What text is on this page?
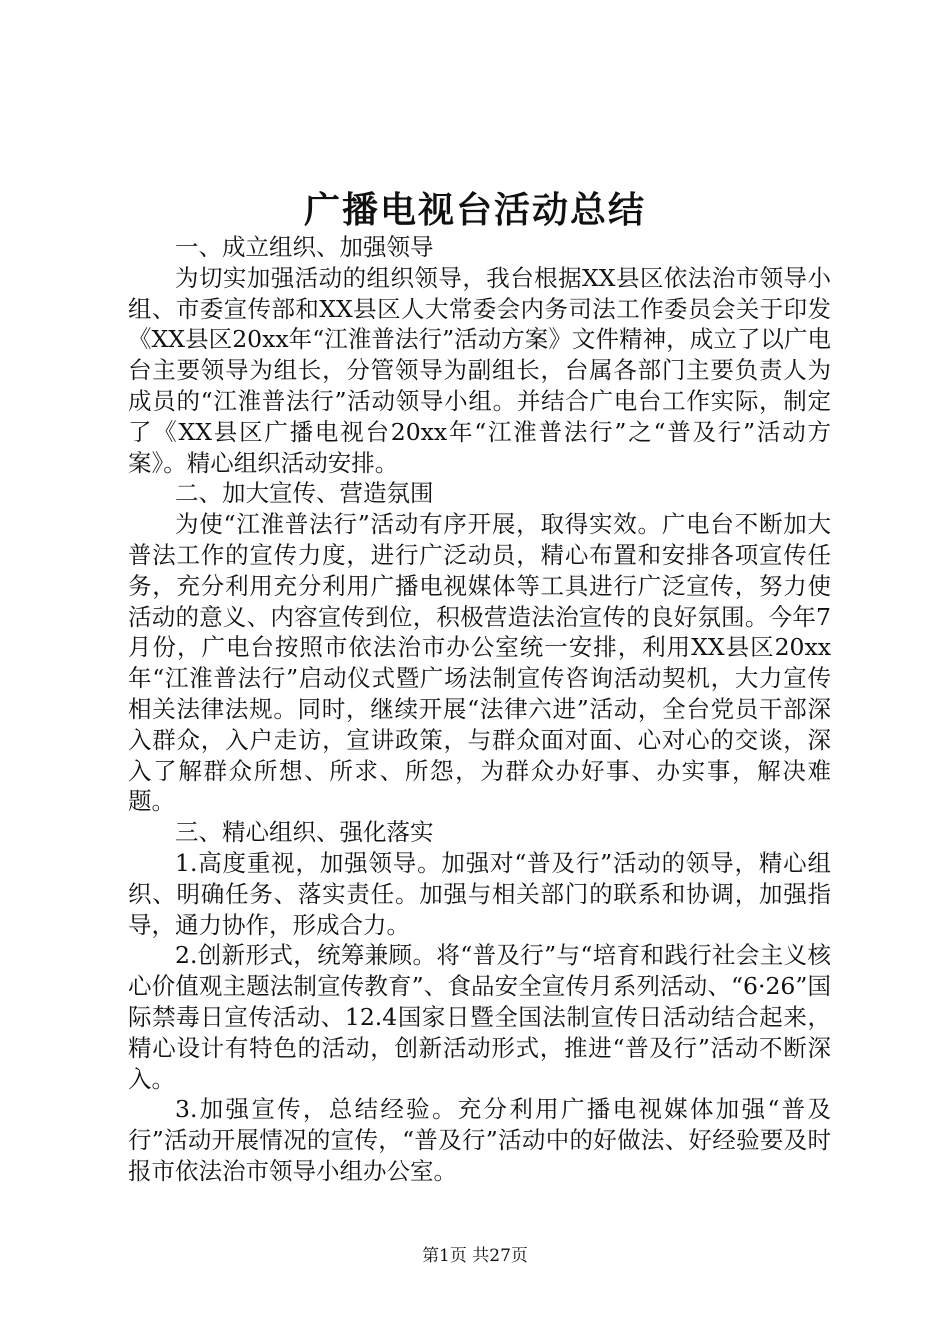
广播电视台活动总结

一、成立组织、加强领导

为切实加强活动的组织领导，我台根据XX县区依法治市领导小组、市委宣传部和XX县区人大常委会内务司法工作委员会关于印发《XX县区20xx年“江淮普法行”活动方案》文件精神，成立了以广电台主要领导为组长，分管领导为副组长，台属各部门主要负责人为成员的“江淮普法行”活动领导小组。并结合广电台工作实际，制定了《XX县区广播电视台20xx年“江淮普法行”之“普及行”活动方案》。精心组织活动安排。

二、加大宣传、营造氛围

为使“江淮普法行”活动有序开展，取得实效。广电台不断加大普法工作的宣传力度，进行广泛动员，精心布置和安排各项宣传任务，充分利用充分利用广播电视媒体等工具进行广泛宣传，努力使活动的意义、内容宣传到位，积极营造法治宣传的良好氛围。今年7月份，广电台按照市依法治市办公室统一安排，利用XX县区20xx年“江淮普法行”启动仪式暨广场法制宣传咨询活动契机，大力宣传相关法律法规。同时，继续开展“法律六进”活动，全台党员干部深入群众，入户走访，宣讲政策，与群众面对面、心对心的交谈，深入了解群众所想、所求、所怨，为群众办好事、办实事，解决难题。

三、精心组织、强化落实

1.高度重视，加强领导。加强对“普及行”活动的领导，精心组织、明确任务、落实责任。加强与相关部门的联系和协调，加强指导，通力协作，形成合力。

2.创新形式，统筹兼顾。将“普及行”与“培育和践行社会主义核心价值观主题法制宣传教育”、食品安全宣传月系列活动、“6·26”国际禁毒日宣传活动、12.4国家日暨全国法制宣传日活动结合起来，精心设计有特色的活动，创新活动形式，推进“普及行”活动不断深入。

3.加强宣传，总结经验。充分利用广播电视媒体加强“普及行”活动开展情况的宣传，“普及行”活动中的好做法、好经验要及时报市依法治市领导小组办公室。

第1页 共27页
